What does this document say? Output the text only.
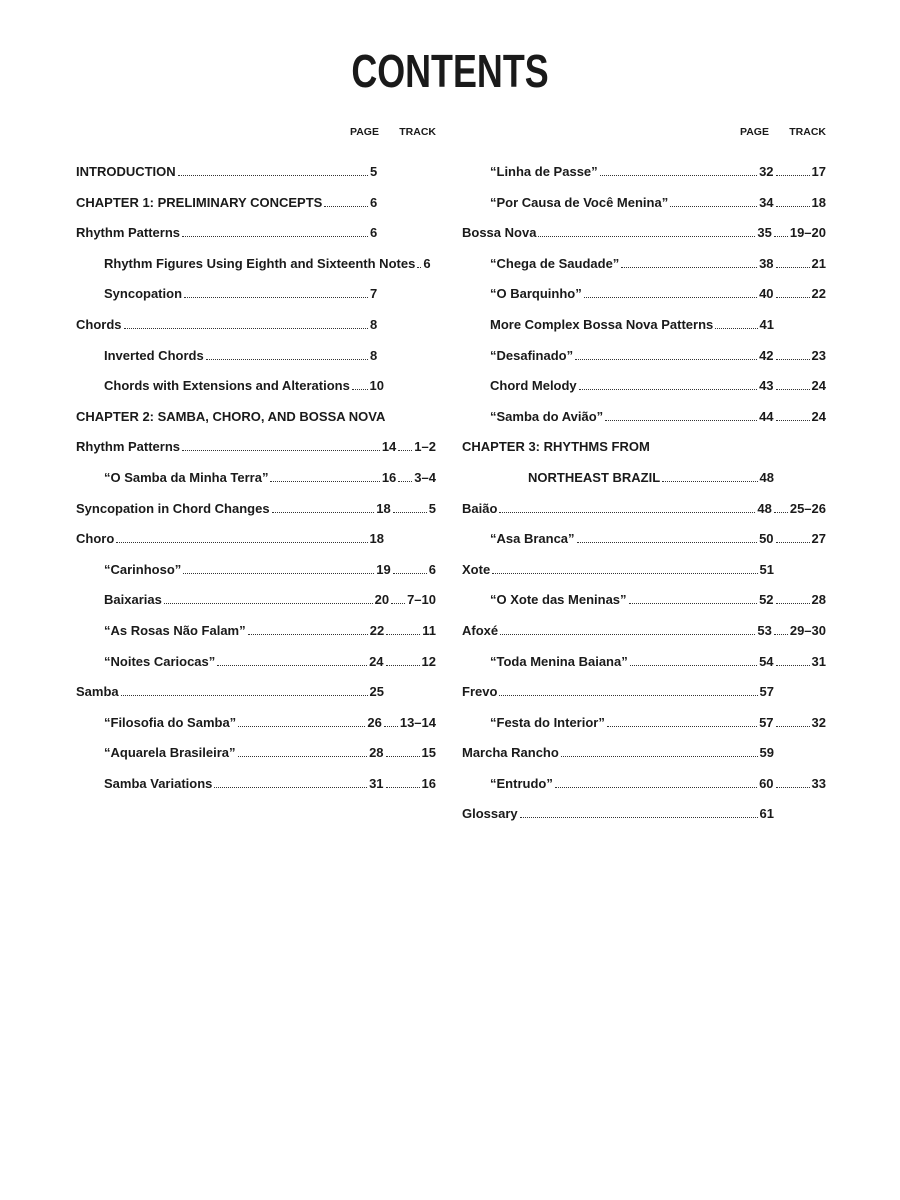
CONTENTS
PAGE	TRACK
INTRODUCTION	5
CHAPTER 1: PRELIMINARY CONCEPTS	6
Rhythm Patterns	6
Rhythm Figures Using Eighth and Sixteenth Notes 6
Syncopation	7
Chords	8
Inverted Chords	8
Chords with Extensions and Alterations 10
CHAPTER 2: SAMBA, CHORO, AND BOSSA NOVA
Rhythm Patterns	14 1–2
“O Samba da Minha Terra”	16 3–4
Syncopation in Chord Changes	18	5
Choro	18
“Carinhoso”	19	6
Baixarias	20 7–10
“As Rosas Não Falam”	22	11
“Noites Cariocas”	24	12
Samba	25
“Filosofia do Samba”	26 13–14
“Aquarela Brasileira”	28	15
Samba Variations	31	16
PAGE	TRACK
“Linha de Passe”	32	17
“Por Causa de Você Menina”	34	18
Bossa Nova	35 19–20
“Chega de Saudade”	38	21
“O Barquinho”	40	22
More Complex Bossa Nova Patterns	41
“Desafinado”	42	23
Chord Melody	43	24
“Samba do Avião”	44	24
CHAPTER 3: RHYTHMS FROM
NORTHEAST BRAZIL	48
Baião	48 25–26
“Asa Branca”	50	27
Xote	51
“O Xote das Meninas”	52	28
Afoxé	53 29–30
“Toda Menina Baiana”	54	31
Frevo	57
“Festa do Interior”	57	32
Marcha Rancho	59
“Entrudo”	60	33
Glossary	61
